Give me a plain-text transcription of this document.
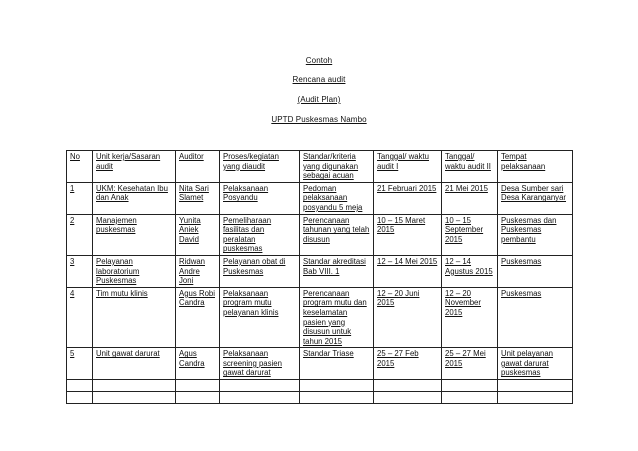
Contoh
Rencana audit
(Audit Plan)
UPTD Puskesmas Nambo
No	Unit kerja/Sasaran audit	Auditor	Proses/kegiatan yang diaudit	Standar/kriteria yang digunakan sebagai acuan	Tanggal/ waktu audit I	Tanggal/ waktu audit II	Tempat pelaksanaan
1	UKM: Kesehatan Ibu dan Anak	Nita Sari Slamet	Pelaksanaan Posyandu	Pedoman pelaksanaan posyandu 5 meja	21 Februari 2015	21 Mei 2015	Desa Sumber sari Desa Karanganyar
2	Manajemen puskesmas	Yunita Aniek David	Pemeliharaan fasilitas dan peralatan puskesmas	Perencanaan tahunan yang telah disusun	10 – 15 Maret 2015	10 – 15 September 2015	Puskesmas dan Puskesmas pembantu
3	Pelayanan laboratorium Puskesmas	Ridwan Andre Joni	Pelayanan obat di Puskesmas	Standar akreditasi Bab VIII. 1	12 – 14 Mei 2015	12 – 14 Agustus 2015	Puskesmas
4	Tim mutu klinis	Agus Robi Candra	Pelaksanaan program mutu pelayanan klinis	Perencanaan program mutu dan keselamatan pasien yang disusun untuk tahun 2015	12 – 20 Juni 2015	12 – 20 November 2015	Puskesmas
5	Unit gawat darurat	Agus Candra	Pelaksanaan screening pasien gawat darurat	Standar Triase	25 – 27 Feb 2015	25 – 27 Mei 2015	Unit pelayanan gawat darurat puskesmas
